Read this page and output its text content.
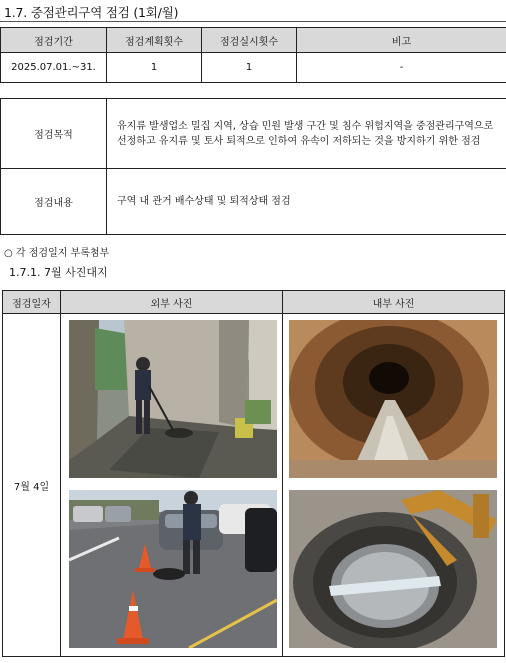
1.7. 중점관리구역 점검 (1회/월)
점검기간	점검계획횟수	점검실시횟수	비고
2025.07.01.~31.	1	1	-
점검목적	유지류 발생업소 밀집 지역, 상습 민원 발생 구간 및 침수 위험지역을 중점관리구역으로 선정하고 유지류 및 토사 퇴적으로 인하여 유속이 저하되는 것을 방지하기 위한 점검
점검내용	구역 내 관거 배수상태 및 퇴적상태 점검
○ 각 점검일지 부록첨부
1.7.1. 7월 사진대지
점검일자	외부 사진	내부 사진
7월 4일	
